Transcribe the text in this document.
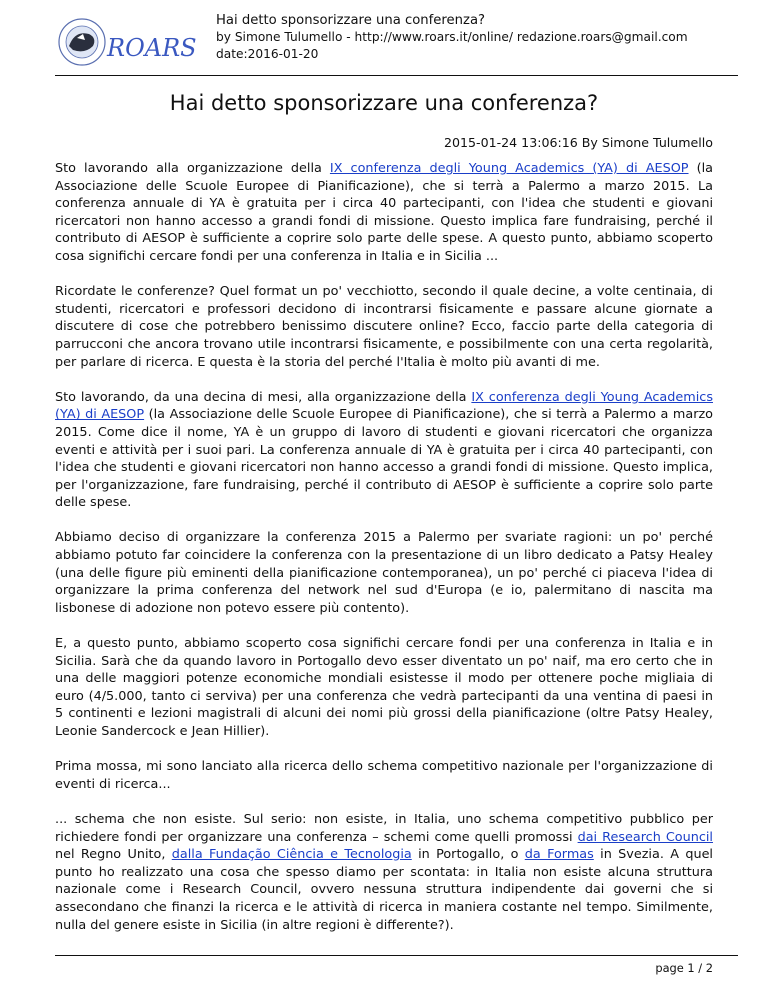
ROARS
Hai detto sponsorizzare una conferenza?
by Simone Tulumello - http://www.roars.it/online/ redazione.roars@gmail.com
date:2016-01-20
Hai detto sponsorizzare una conferenza?
2015-01-24 13:06:16 By Simone Tulumello

Sto lavorando alla organizzazione della IX conferenza degli Young Academics (YA) di AESOP (la Associazione delle Scuole Europee di Pianificazione), che si terrà a Palermo a marzo 2015. La conferenza annuale di YA è gratuita per i circa 40 partecipanti, con l'idea che studenti e giovani ricercatori non hanno accesso a grandi fondi di missione. Questo implica fare fundraising, perché il contributo di AESOP è sufficiente a coprire solo parte delle spese. A questo punto, abbiamo scoperto cosa significhi cercare fondi per una conferenza in Italia e in Sicilia ...

Ricordate le conferenze? Quel format un po' vecchiotto, secondo il quale decine, a volte centinaia, di studenti, ricercatori e professori decidono di incontrarsi fisicamente e passare alcune giornate a discutere di cose che potrebbero benissimo discutere online? Ecco, faccio parte della categoria di parrucconi che ancora trovano utile incontrarsi fisicamente, e possibilmente con una certa regolarità, per parlare di ricerca. E questa è la storia del perché l'Italia è molto più avanti di me.

Sto lavorando, da una decina di mesi, alla organizzazione della IX conferenza degli Young Academics (YA) di AESOP (la Associazione delle Scuole Europee di Pianificazione), che si terrà a Palermo a marzo 2015. Come dice il nome, YA è un gruppo di lavoro di studenti e giovani ricercatori che organizza eventi e attività per i suoi pari. La conferenza annuale di YA è gratuita per i circa 40 partecipanti, con l'idea che studenti e giovani ricercatori non hanno accesso a grandi fondi di missione. Questo implica, per l'organizzazione, fare fundraising, perché il contributo di AESOP è sufficiente a coprire solo parte delle spese.

Abbiamo deciso di organizzare la conferenza 2015 a Palermo per svariate ragioni: un po' perché abbiamo potuto far coincidere la conferenza con la presentazione di un libro dedicato a Patsy Healey (una delle figure più eminenti della pianificazione contemporanea), un po' perché ci piaceva l'idea di organizzare la prima conferenza del network nel sud d'Europa (e io, palermitano di nascita ma lisbonese di adozione non potevo essere più contento).

E, a questo punto, abbiamo scoperto cosa significhi cercare fondi per una conferenza in Italia e in Sicilia. Sarà che da quando lavoro in Portogallo devo esser diventato un po' naif, ma ero certo che in una delle maggiori potenze economiche mondiali esistesse il modo per ottenere poche migliaia di euro (4/5.000, tanto ci serviva) per una conferenza che vedrà partecipanti da una ventina di paesi in 5 continenti e lezioni magistrali di alcuni dei nomi più grossi della pianificazione (oltre Patsy Healey, Leonie Sandercock e Jean Hillier).

Prima mossa, mi sono lanciato alla ricerca dello schema competitivo nazionale per l'organizzazione di eventi di ricerca...

... schema che non esiste. Sul serio: non esiste, in Italia, uno schema competitivo pubblico per richiedere fondi per organizzare una conferenza – schemi come quelli promossi dai Research Council nel Regno Unito, dalla Fundação Ciência e Tecnologia in Portogallo, o da Formas in Svezia. A quel punto ho realizzato una cosa che spesso diamo per scontata: in Italia non esiste alcuna struttura nazionale come i Research Council, ovvero nessuna struttura indipendente dai governi che si assecondano che finanzi la ricerca e le attività di ricerca in maniera costante nel tempo. Similmente, nulla del genere esiste in Sicilia (in altre regioni è differente?).

page 1 / 2
